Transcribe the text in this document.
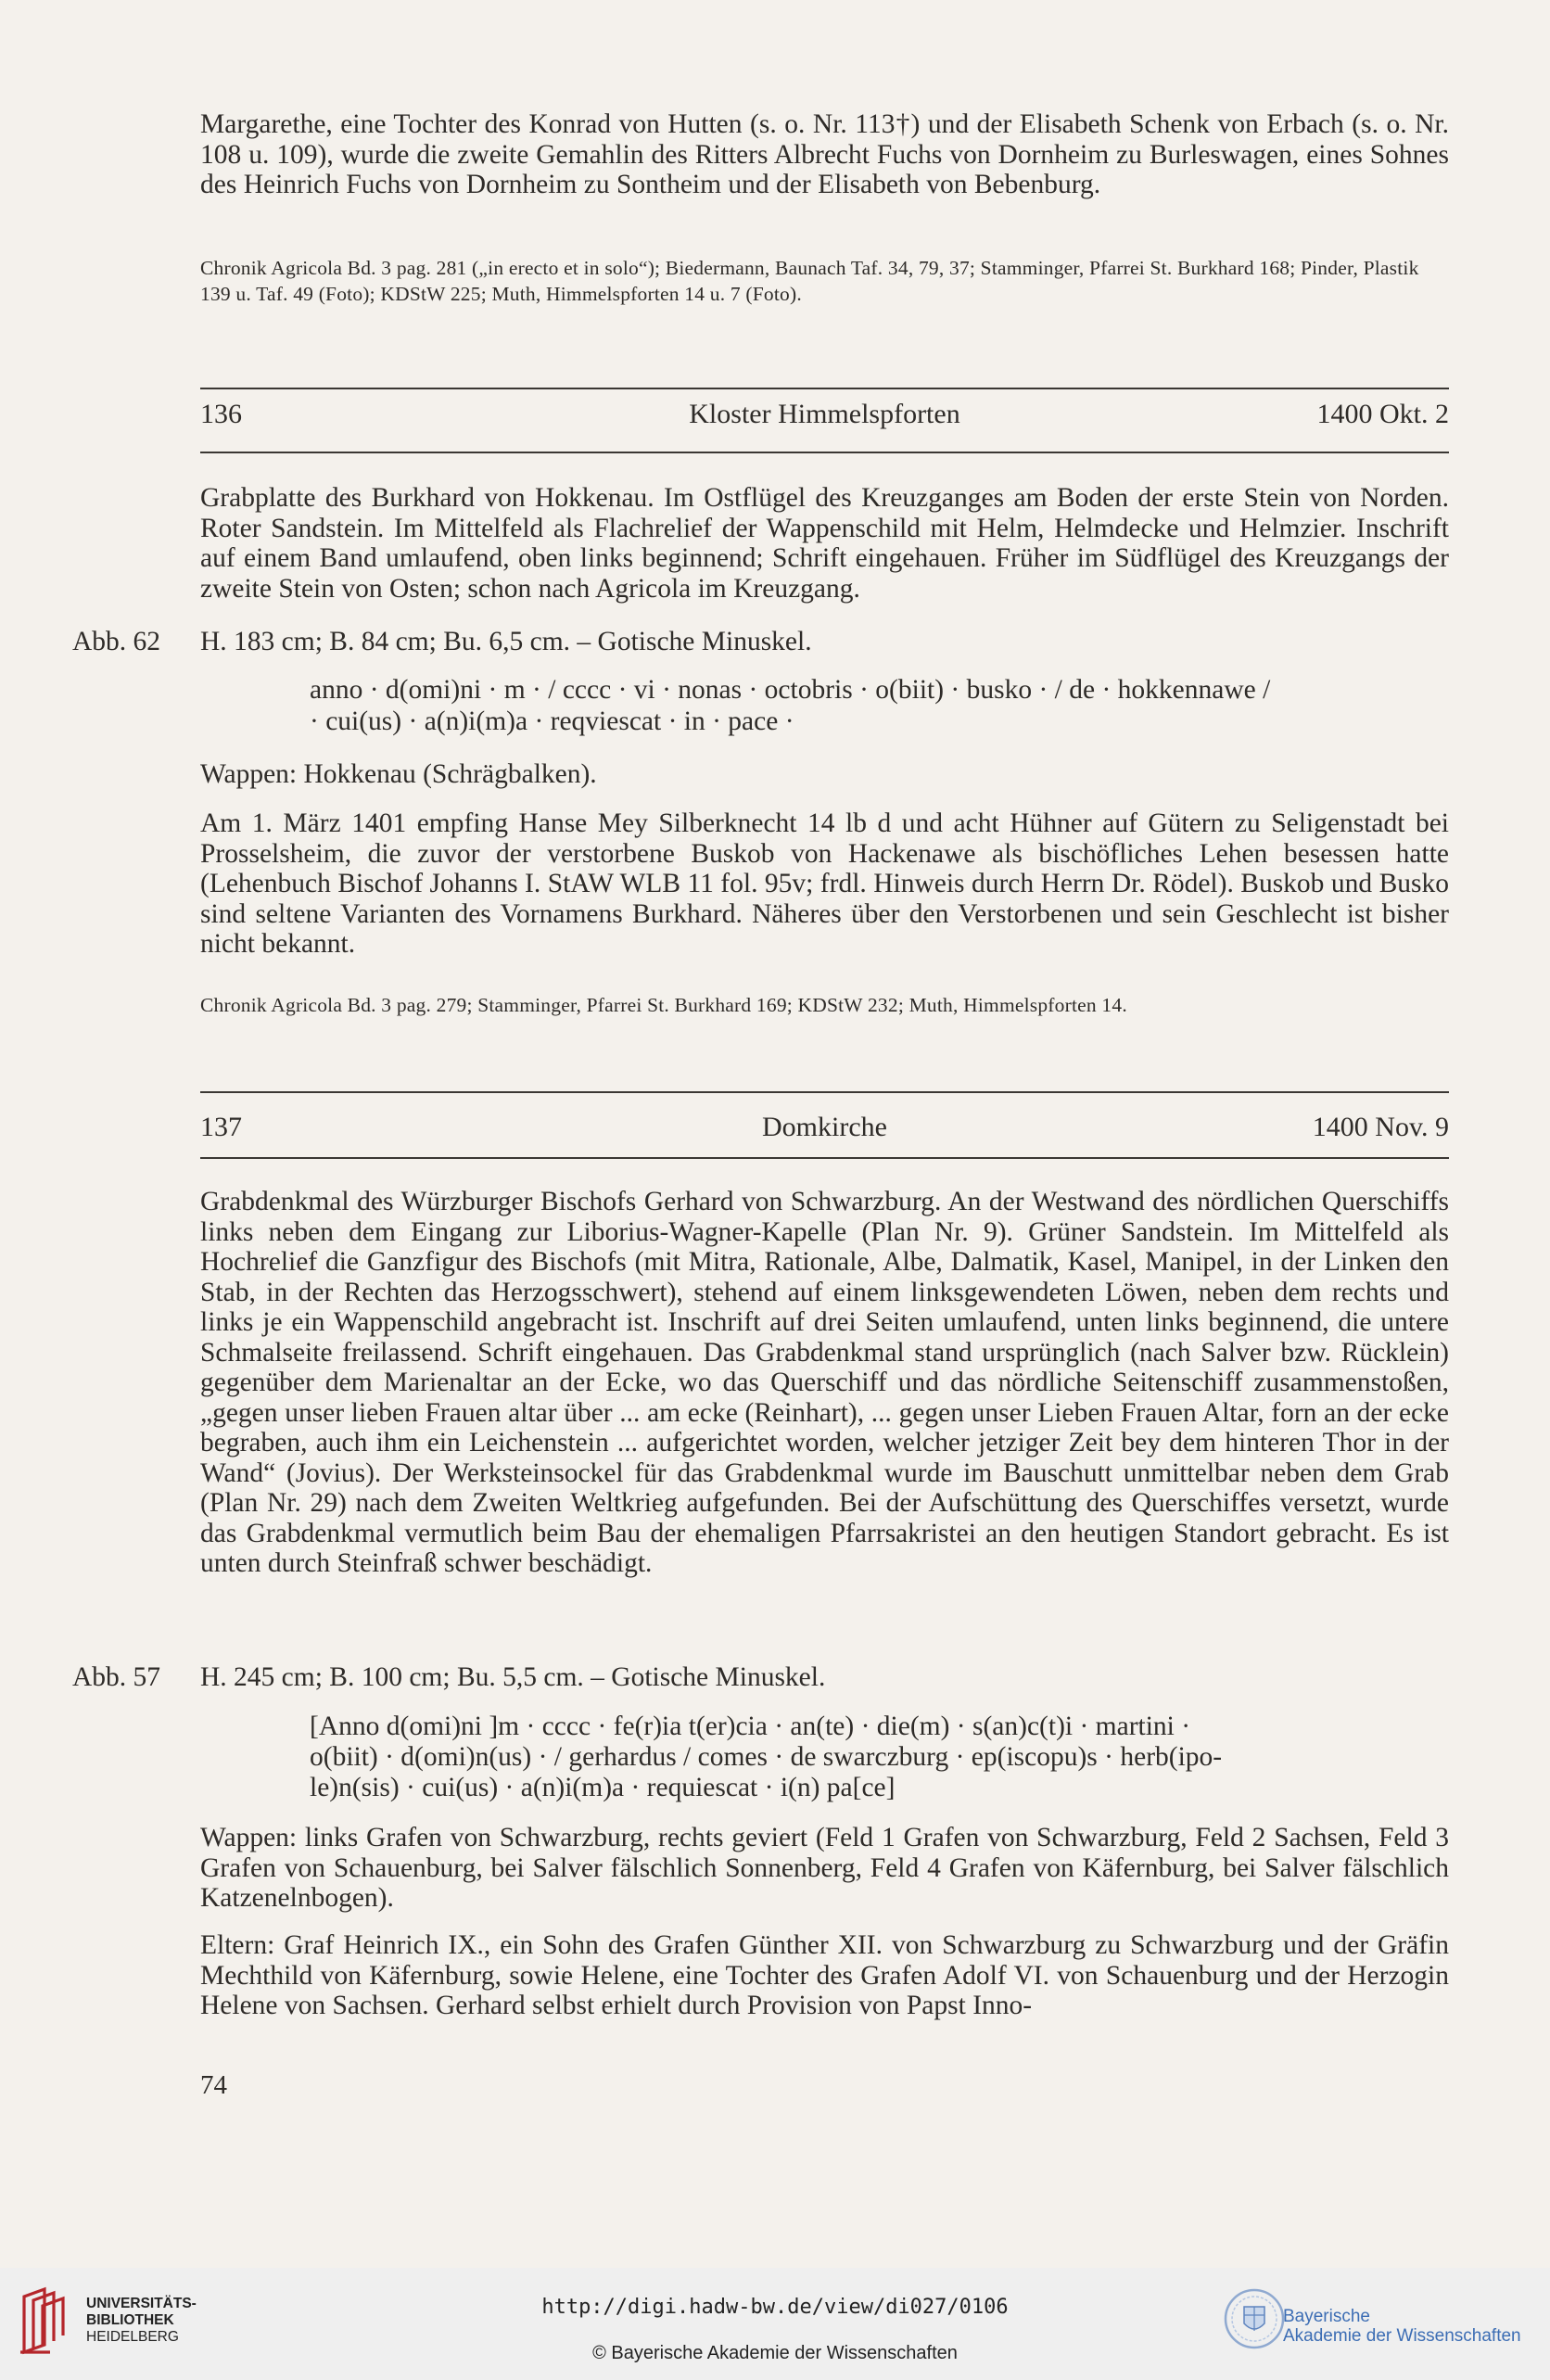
Margarethe, eine Tochter des Konrad von Hutten (s. o. Nr. 113†) und der Elisabeth Schenk von Erbach (s. o. Nr. 108 u. 109), wurde die zweite Gemahlin des Ritters Albrecht Fuchs von Dornheim zu Burleswagen, eines Sohnes des Heinrich Fuchs von Dornheim zu Sontheim und der Elisabeth von Bebenburg.

Chronik Agricola Bd. 3 pag. 281 („in erecto et in solo“); Biedermann, Baunach Taf. 34, 79, 37; Stamminger, Pfarrei St. Burkhard 168; Pinder, Plastik 139 u. Taf. 49 (Foto); KDStW 225; Muth, Himmelspforten 14 u. 7 (Foto).

136	Kloster Himmelspforten	1400 Okt. 2

Grabplatte des Burkhard von Hokkenau. Im Ostflügel des Kreuzganges am Boden der erste Stein von Norden. Roter Sandstein. Im Mittelfeld als Flachrelief der Wappenschild mit Helm, Helmdecke und Helmzier. Inschrift auf einem Band umlaufend, oben links beginnend; Schrift eingehauen. Früher im Südflügel des Kreuzgangs der zweite Stein von Osten; schon nach Agricola im Kreuzgang.

Abb. 62 H. 183 cm; B. 84 cm; Bu. 6,5 cm. – Gotische Minuskel.

anno · d(omi)ni · m · / cccc · vi · nonas · octobris · o(biit) · busko · / de · hokkennawe /

· cui(us) · a(n)i(m)a · reqviescat · in · pace ·

Wappen: Hokkenau (Schrägbalken).

Am 1. März 1401 empfing Hanse Mey Silberknecht 14 lb d und acht Hühner auf Gütern zu Seligenstadt bei Prosselsheim, die zuvor der verstorbene Buskob von Hackenawe als bischöfliches Lehen besessen hatte (Lehenbuch Bischof Johanns I. StAW WLB 11 fol. 95v; frdl. Hinweis durch Herrn Dr. Rödel). Buskob und Busko sind seltene Varianten des Vornamens Burkhard. Näheres über den Verstorbenen und sein Geschlecht ist bisher nicht bekannt.

Chronik Agricola Bd. 3 pag. 279; Stamminger, Pfarrei St. Burkhard 169; KDStW 232; Muth, Himmelspforten 14.

137	Domkirche	1400 Nov. 9

Grabdenkmal des Würzburger Bischofs Gerhard von Schwarzburg. An der Westwand des nördlichen Querschiffs links neben dem Eingang zur Liborius-Wagner-Kapelle (Plan Nr. 9). Grüner Sandstein. Im Mittelfeld als Hochrelief die Ganzfigur des Bischofs (mit Mitra, Rationale, Albe, Dalmatik, Kasel, Manipel, in der Linken den Stab, in der Rechten das Herzogsschwert), stehend auf einem linksgewendeten Löwen, neben dem rechts und links je ein Wappenschild angebracht ist. Inschrift auf drei Seiten umlaufend, unten links beginnend, die untere Schmalseite freilassend. Schrift eingehauen. Das Grabdenkmal stand ursprünglich (nach Salver bzw. Rücklein) gegenüber dem Marienaltar an der Ecke, wo das Querschiff und das nördliche Seitenschiff zusammenstoßen, „gegen unser lieben Frauen altar über ... am ecke (Reinhart), ... gegen unser Lieben Frauen Altar, forn an der ecke begraben, auch ihm ein Leichenstein ... aufgerichtet worden, welcher jetziger Zeit bey dem hinteren Thor in der Wand“ (Jovius). Der Werksteinsockel für das Grabdenkmal wurde im Bauschutt unmittelbar neben dem Grab (Plan Nr. 29) nach dem Zweiten Weltkrieg aufgefunden. Bei der Aufschüttung des Querschiffes versetzt, wurde das Grabdenkmal vermutlich beim Bau der ehemaligen Pfarrsakristei an den heutigen Standort gebracht. Es ist unten durch Steinfraß schwer beschädigt.

Abb. 57 H. 245 cm; B. 100 cm; Bu. 5,5 cm. – Gotische Minuskel.

[Anno d(omi)ni ]m · cccc · fe(r)ia t(er)cia · an(te) · die(m) · s(an)c(t)i · martini ·

o(biit) · d(omi)n(us) · / gerhardus / comes · de swarczburg · ep(iscopu)s · herb(ipo-

le)n(sis) · cui(us) · a(n)i(m)a · requiescat · i(n) pa[ce]

Wappen: links Grafen von Schwarzburg, rechts geviert (Feld 1 Grafen von Schwarzburg, Feld 2 Sachsen, Feld 3 Grafen von Schauenburg, bei Salver fälschlich Sonnenberg, Feld 4 Grafen von Käfernburg, bei Salver fälschlich Katzenelnbogen).

Eltern: Graf Heinrich IX., ein Sohn des Grafen Günther XII. von Schwarzburg zu Schwarzburg und der Gräfin Mechthild von Käfernburg, sowie Helene, eine Tochter des Grafen Adolf VI. von Schauenburg und der Herzogin Helene von Sachsen. Gerhard selbst erhielt durch Provision von Papst Inno-

74
UNIVERSITÄTS-
BIBLIOTHEK
HEIDELBERG
http://digi.hadw-bw.de/view/di027/0106
© Bayerische Akademie der Wissenschaften
Bayerische
Akademie der Wissenschaften
